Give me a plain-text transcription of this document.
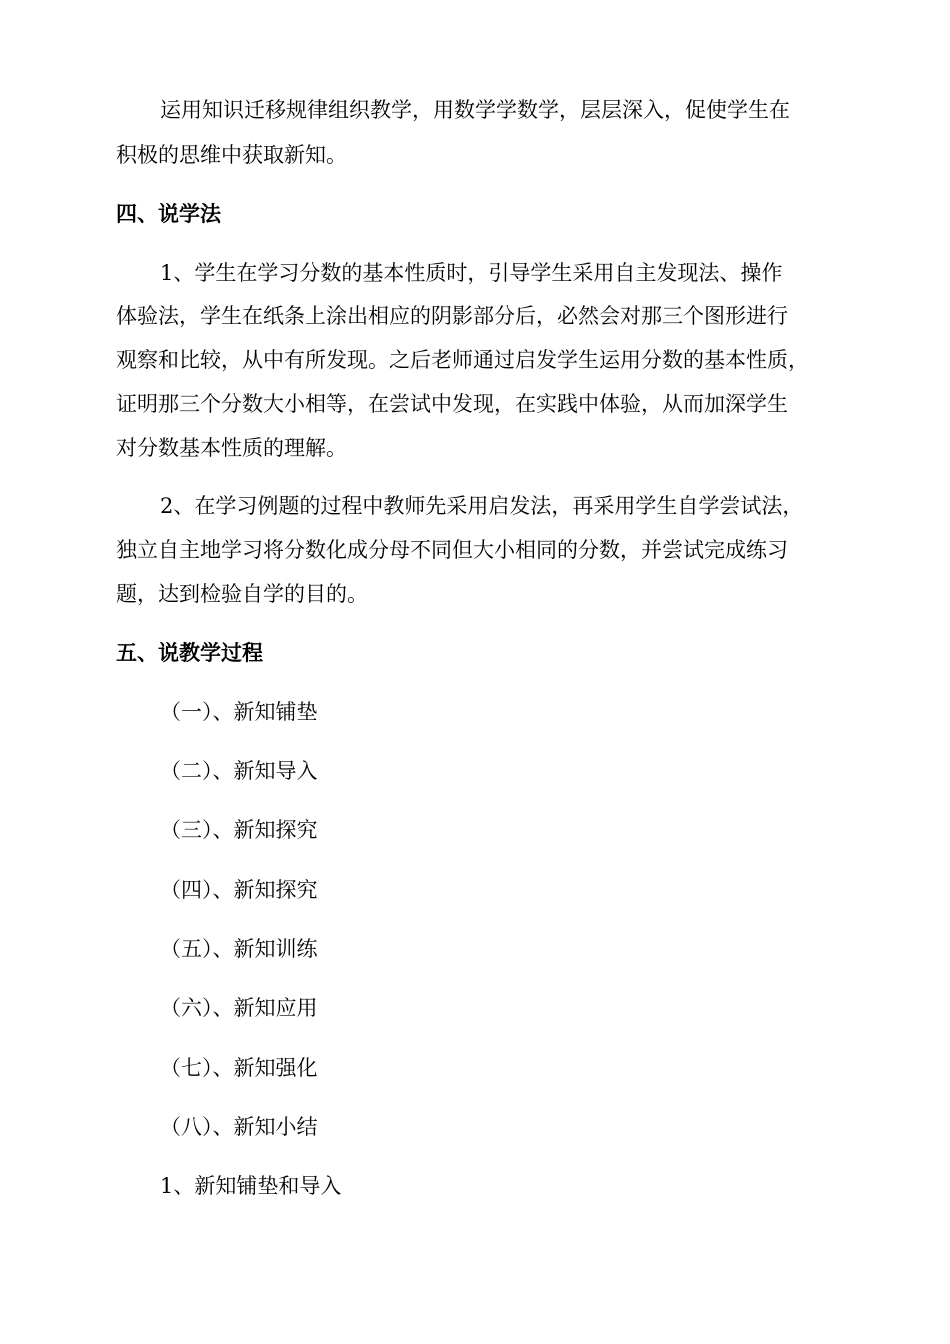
运用知识迁移规律组织教学，用数学学数学，层层深入，促使学生在
积极的思维中获取新知。
四、说学法
1、学生在学习分数的基本性质时，引导学生采用自主发现法、操作
体验法，学生在纸条上涂出相应的阴影部分后，必然会对那三个图形进行
观察和比较，从中有所发现。之后老师通过启发学生运用分数的基本性质，
证明那三个分数大小相等，在尝试中发现，在实践中体验，从而加深学生
对分数基本性质的理解。
2、在学习例题的过程中教师先采用启发法，再采用学生自学尝试法，
独立自主地学习将分数化成分母不同但大小相同的分数，并尝试完成练习
题，达到检验自学的目的。
五、说教学过程
（一）、新知铺垫
（二）、新知导入
（三）、新知探究
（四）、新知探究
（五）、新知训练
（六）、新知应用
（七）、新知强化
（八）、新知小结
1、新知铺垫和导入
